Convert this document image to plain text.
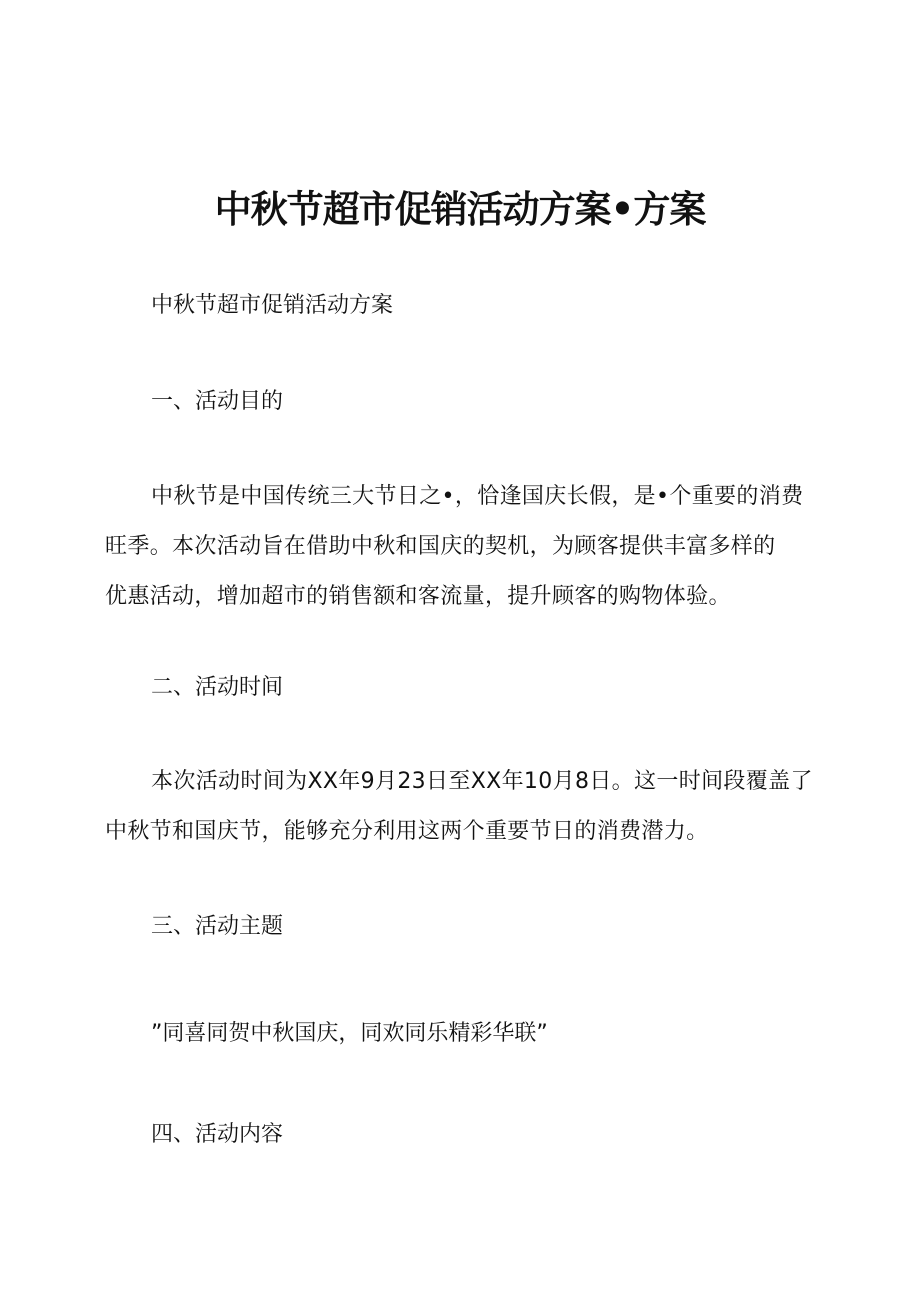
中秋节超市促销活动方案•方案
中秋节超市促销活动方案
一、活动目的
中秋节是中国传统三大节日之•，恰逢国庆长假，是•个重要的消费
旺季。本次活动旨在借助中秋和国庆的契机，为顾客提供丰富多样的
优惠活动，增加超市的销售额和客流量，提升顾客的购物体验。
二、活动时间
本次活动时间为XX年9月23日至XX年10月8日。这一时间段覆盖了
中秋节和国庆节，能够充分利用这两个重要节日的消费潜力。
三、活动主题
”同喜同贺中秋国庆，同欢同乐精彩华联”
四、活动内容
